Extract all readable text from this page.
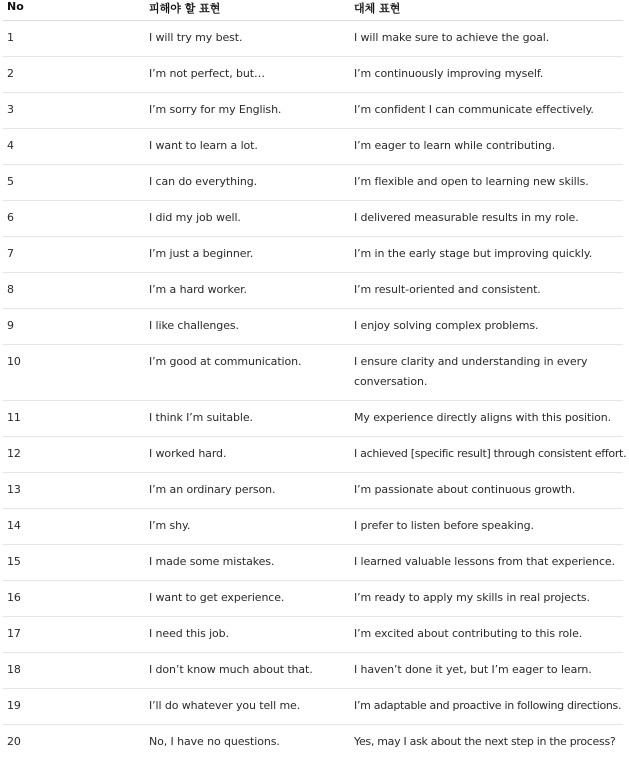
No	피해야 할 표현	대체 표현
1	I will try my best.	I will make sure to achieve the goal.
2	I’m not perfect, but…	I’m continuously improving myself.
3	I’m sorry for my English.	I’m confident I can communicate effectively.
4	I want to learn a lot.	I’m eager to learn while contributing.
5	I can do everything.	I’m flexible and open to learning new skills.
6	I did my job well.	I delivered measurable results in my role.
7	I’m just a beginner.	I’m in the early stage but improving quickly.
8	I’m a hard worker.	I’m result-oriented and consistent.
9	I like challenges.	I enjoy solving complex problems.
10	I’m good at communication.	I ensure clarity and understanding in every conversation.
11	I think I’m suitable.	My experience directly aligns with this position.
12	I worked hard.	I achieved [specific result] through consistent effort.
13	I’m an ordinary person.	I’m passionate about continuous growth.
14	I’m shy.	I prefer to listen before speaking.
15	I made some mistakes.	I learned valuable lessons from that experience.
16	I want to get experience.	I’m ready to apply my skills in real projects.
17	I need this job.	I’m excited about contributing to this role.
18	I don’t know much about that.	I haven’t done it yet, but I’m eager to learn.
19	I’ll do whatever you tell me.	I’m adaptable and proactive in following directions.
20	No, I have no questions.	Yes, may I ask about the next step in the process?
